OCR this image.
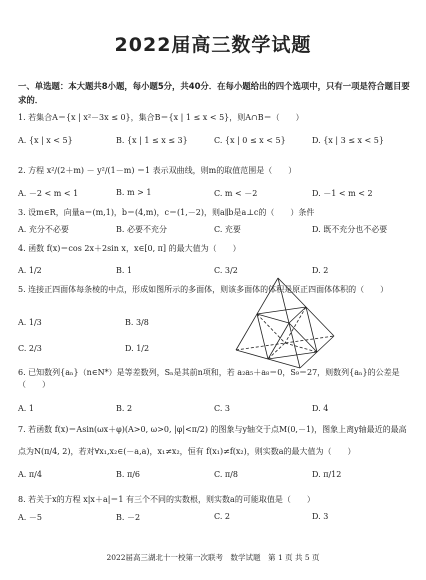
2022届高三数学试题
一、单选题：本大题共8小题，每小题5分，共40分．在每小题给出的四个选项中，只有一项是符合题目要求的．
1. 若集合A＝{x | x²－3x ≤ 0}，集合B＝{x | 1 ≤ x < 5}，则A∩B＝（　　）
A. {x | x < 5}	B. {x | 1 ≤ x ≤ 3}	C. {x | 0 ≤ x < 5}	D. {x | 3 ≤ x < 5}
2. 方程 x²/(2＋m) － y²/(1－m) ＝1 表示双曲线，则m的取值范围是（　　）
A. －2 < m < 1	B. m > 1	C. m < －2	D. －1 < m < 2
3. 设m∈R，向量a＝(m,1)，b＝(4,m)，c＝(1,－2)，则a∥b是a⊥c的（　　）条件
A. 充分不必要	B. 必要不充分	C. 充要	D. 既不充分也不必要
4. 函数 f(x)＝cos 2x＋2sin x，x∈[0, π] 的最大值为（　　）
A. 1/2	B. 1	C. 3/2	D. 2
5. 连接正四面体每条棱的中点，形成如图所示的多面体，则该多面体的体积是原正四面体体积的（　　）
A. 1/3	B. 3/8
C. 2/3	D. 1/2
6. 已知数列{aₙ}（n∈N*）是等差数列，Sₙ是其前n项和，若 a₂a₅＋a₈＝0，S₉＝27，则数列{aₙ}的公差是（　　）
A. 1	B. 2	C. 3	D. 4
7. 若函数 f(x)＝Asin(ωx＋φ)(A>0, ω>0, |φ|<π/2) 的图象与y轴交于点M(0,－1)，图象上离y轴最近的最高
点为N(π/4, 2)，若对∀x₁,x₂∈(－a,a)，x₁≠x₂，恒有 f(x₁)≠f(x₂)，则实数a的最大值为（　　）
A. π/4	B. π/6	C. π/8	D. π/12
8. 若关于x的方程 x|x＋a|＝1 有三个不同的实数根，则实数a的可能取值是（　　）
A. －5	B. －2	C. 2	D. 3
2022届高三湖北十一校第一次联考　数学试题　第 1 页 共 5 页
